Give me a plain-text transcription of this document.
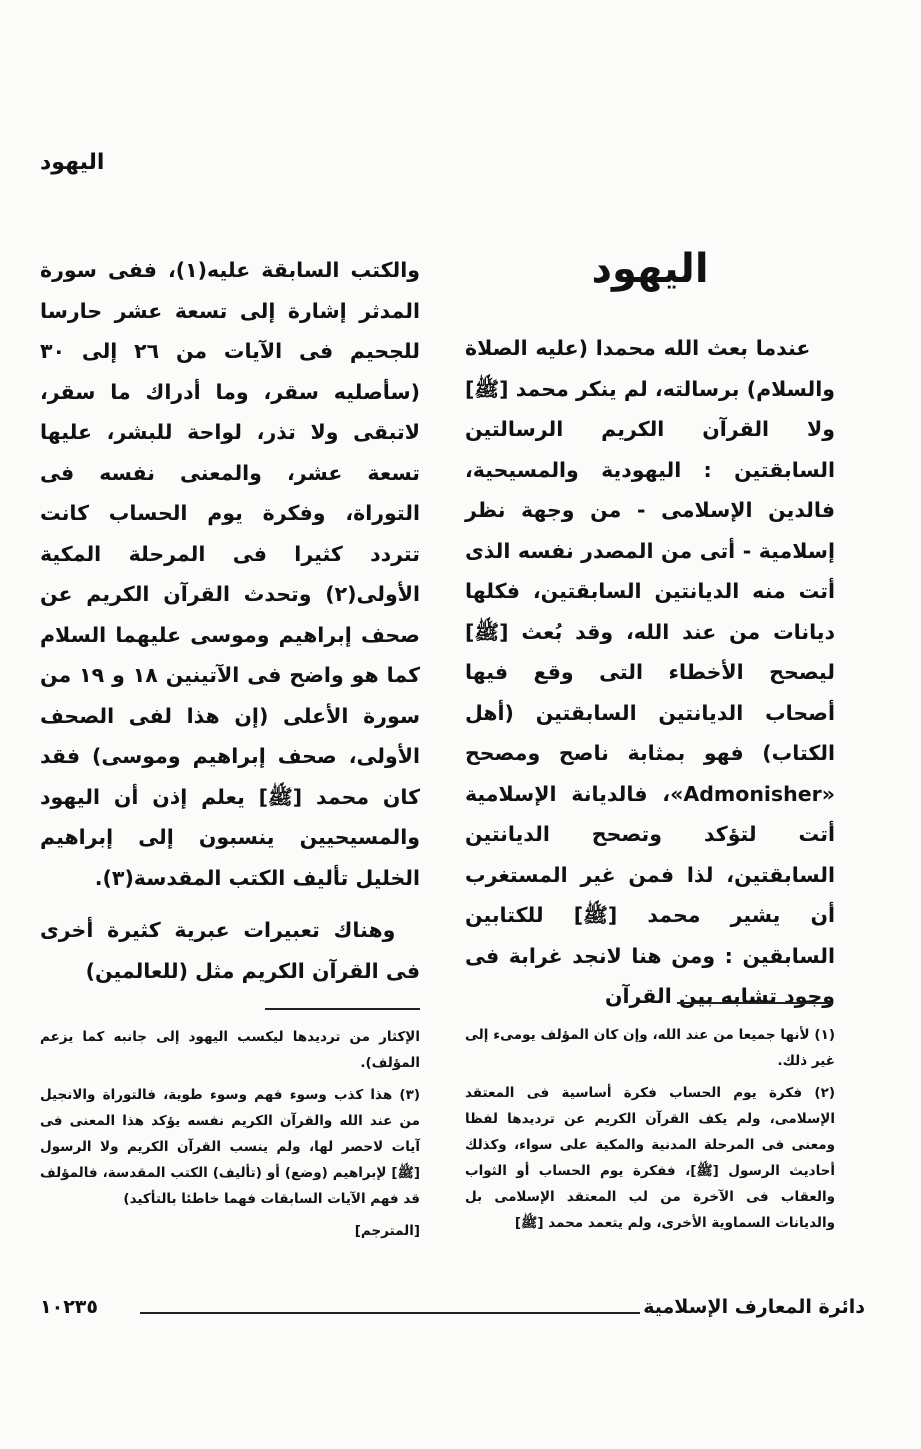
اليهود
اليهود

عندما بعث الله محمدا (عليه الصلاة والسلام) برسالته، لم ينكر محمد [ﷺ] ولا القرآن الكريم الرسالتين السابقتين : اليهودية والمسيحية، فالدين الإسلامى - من وجهة نظر إسلامية - أتى من المصدر نفسه الذى أتت منه الديانتين السابقتين، فكلها ديانات من عند الله، وقد بُعث [ﷺ] ليصحح الأخطاء التى وقع فيها أصحاب الديانتين السابقتين (أهل الكتاب) فهو بمثابة ناصح ومصحح «Admonisher»، فالديانة الإسلامية أتت لتؤكد وتصحح الديانتين السابقتين، لذا فمن غير المستغرب أن يشير محمد [ﷺ] للكتابين السابقين : ومن هنا لانجد غرابة فى وجود تشابه بين القرآن

والكتب السابقة عليه(١)، ففى سورة المدثر إشارة إلى تسعة عشر حارسا للجحيم فى الآيات من ٢٦ إلى ٣٠ (سأصليه سقر، وما أدراك ما سقر، لاتبقى ولا تذر، لواحة للبشر، عليها تسعة عشر، والمعنى نفسه فى التوراة، وفكرة يوم الحساب كانت تتردد كثيرا فى المرحلة المكية الأولى(٢) وتحدث القرآن الكريم عن صحف إبراهيم وموسى عليهما السلام كما هو واضح فى الآتينين ١٨ و ١٩ من سورة الأعلى (إن هذا لفى الصحف الأولى، صحف إبراهيم وموسى) فقد كان محمد [ﷺ] يعلم إذن أن اليهود والمسيحيين ينسبون إلى إبراهيم الخليل تأليف الكتب المقدسة(٣).

وهناك تعبيرات عبرية كثيرة أخرى فى القرآن الكريم مثل (للعالمين)

(١) لأنها جميعا من عند الله، وإن كان المؤلف يومىء إلى غير ذلك.

(٢) فكرة يوم الحساب فكرة أساسية فى المعتقد الإسلامى، ولم يكف القرآن الكريم عن ترديدها لفظا ومعنى فى المرحلة المدنية والمكية على سواء، وكذلك أحاديث الرسول [ﷺ]، ففكرة يوم الحساب أو الثواب والعقاب فى الآخرة من لب المعتقد الإسلامى بل والديانات السماوية الأخرى، ولم يتعمد محمد [ﷺ]

الإكثار من ترديدها ليكسب اليهود إلى جانبه كما يزعم المؤلف).

(٣) هذا كذب وسوء فهم وسوء طوية، فالتوراة والانجيل من عند الله والقرآن الكريم نفسه يؤكد هذا المعنى فى آيات لاحصر لها، ولم ينسب القرآن الكريم ولا الرسول [ﷺ] لإبراهيم (وضع) أو (تأليف) الكتب المقدسة، فالمؤلف قد فهم الآيات السابقات فهما خاطئا بالتأكيد)

[المترجم]

دائرة المعارف الإسلامية
١٠٢٣٥
